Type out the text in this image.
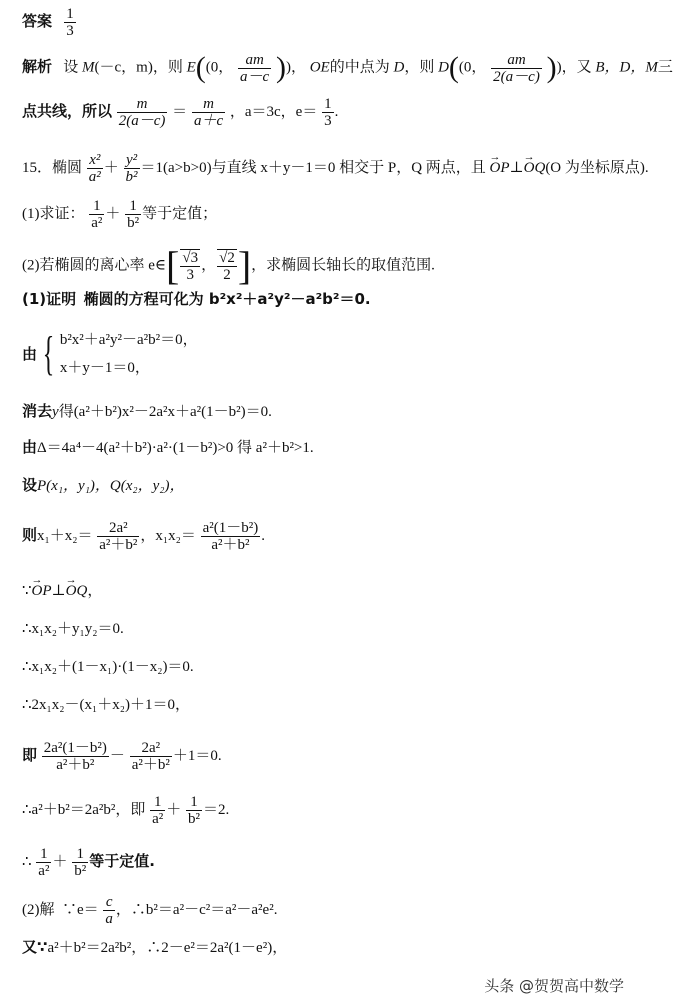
答案 $\frac{1}{3}$
解析 设 M(－c，m)，则 E((0， $\frac{am}{a-c}$ ))， OE的中点为 D，则 D((0， $\frac{am}{2(a-c)}$ ))，又 B，D，M三
点共线，所以 $\frac{m}{2(a-c)} = \frac{m}{a+c}$ ，a＝3c，$e= \frac{1}{3}$ .
15．椭圆 $\frac{\text{x²}}{\text{a²}} + \frac{\text{y²}}{\text{b²}} =1(a>b>0)$与直线 x＋y－1＝0 相交于 P，Q 两点，且 → OP⊥→ OQ(O 为坐标原点).
(1)求证： $\frac{1}{\text{a²}} + \frac{1}{\text{b²}}$ 等于定值；
(2)若椭圆的离心率 e∈[ $\frac{√3}{3}$ ， $\frac{√2}{2}$ ]，求椭圆长轴长的取值范围.
(1)证明 椭圆的方程可化为 b²x²＋a²y²－a²b²＝0.
由 { b²x²＋a²y²－a²b²＝0，
x＋y－1＝0，
消去y得(a²＋b²)x²－2a²x＋a²(1－b²)＝0.
由Δ＝4a⁴－4(a²＋b²)·a²·(1－b²)>0 得 a²＋b²>1.
设P(x₁，y₁)，Q(x₂，y₂)，
则$x_1+x_2= \frac{\text{2a²}}{\text{a²＋b²}}$ ，$x_1x_2= \frac{\text{a²(1－b²)}}{\text{a²＋b²}}$ .
∵→ OP⊥→ OQ，
∴x₁x₂＋y₁y₂＝0.
∴x₁x₂＋(1－x₁)·(1－x₂)＝0.
∴2x₁x₂－(x₁＋x₂)＋1＝0，
即 $\frac{\text{2a²(1－b²)}}{\text{a²＋b²}} - \frac{\text{2a²}}{\text{a²＋b²}} +1=0$.
∴a²＋b²＝2a²b²，即 $\frac{1}{\text{a²}} + \frac{1}{\text{b²}} =2$.
∴ $\frac{1}{\text{a²}} + \frac{1}{\text{b²}}$ 等于定值.
(2)解 ∵e＝ $\frac{c}{a}$ ，∴b²＝a²－c²＝a²－a²e².
又∵a²＋b²＝2a²b²，∴2－e²＝2a²(1－e²)，
头条 @贺贺高中数学
